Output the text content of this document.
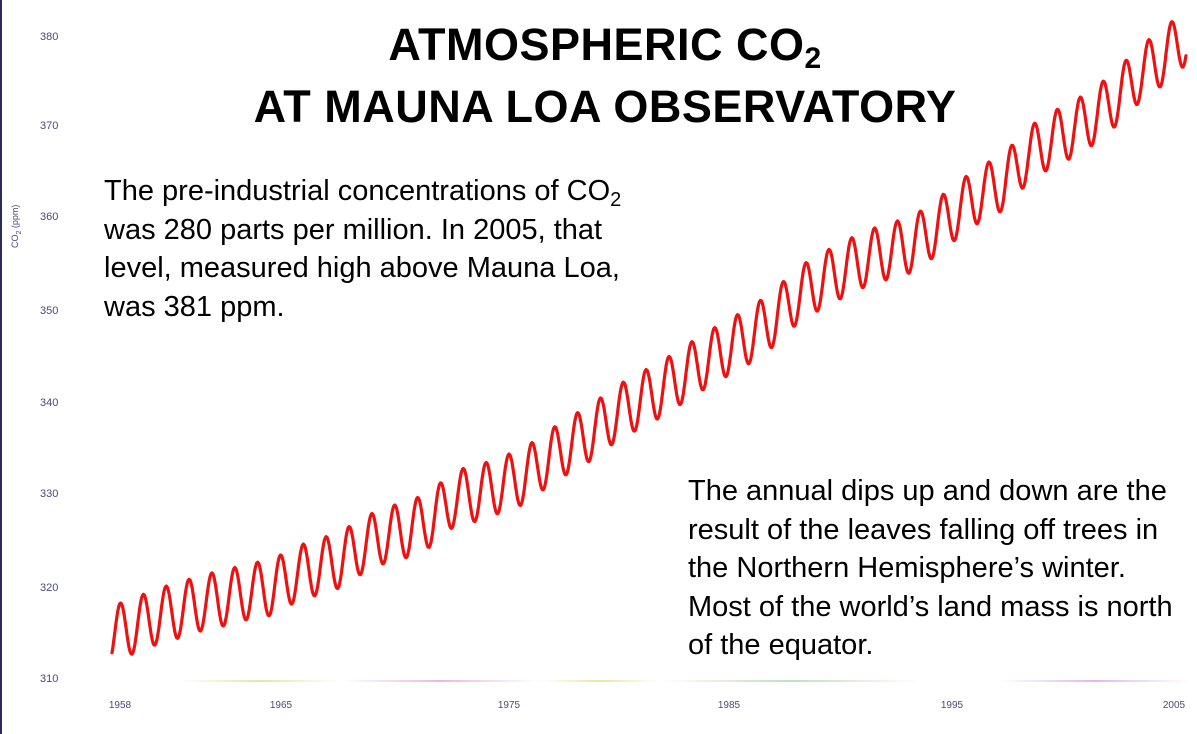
$CO_2$ (ppm)
380
370
360
350
340
330
320
310
1958	1965	1975	1985	1995	2005
ATMOSPHERIC $CO_2$
AT MAUNA LOA OBSERVATORY

The pre-industrial concentrations of $CO_2$ was 280 parts per million. In 2005, that level, measured high above Mauna Loa, was 381 ppm.

The annual dips up and down are the result of the leaves falling off trees in the Northern Hemisphere’s winter. Most of the world’s land mass is north of the equator.
